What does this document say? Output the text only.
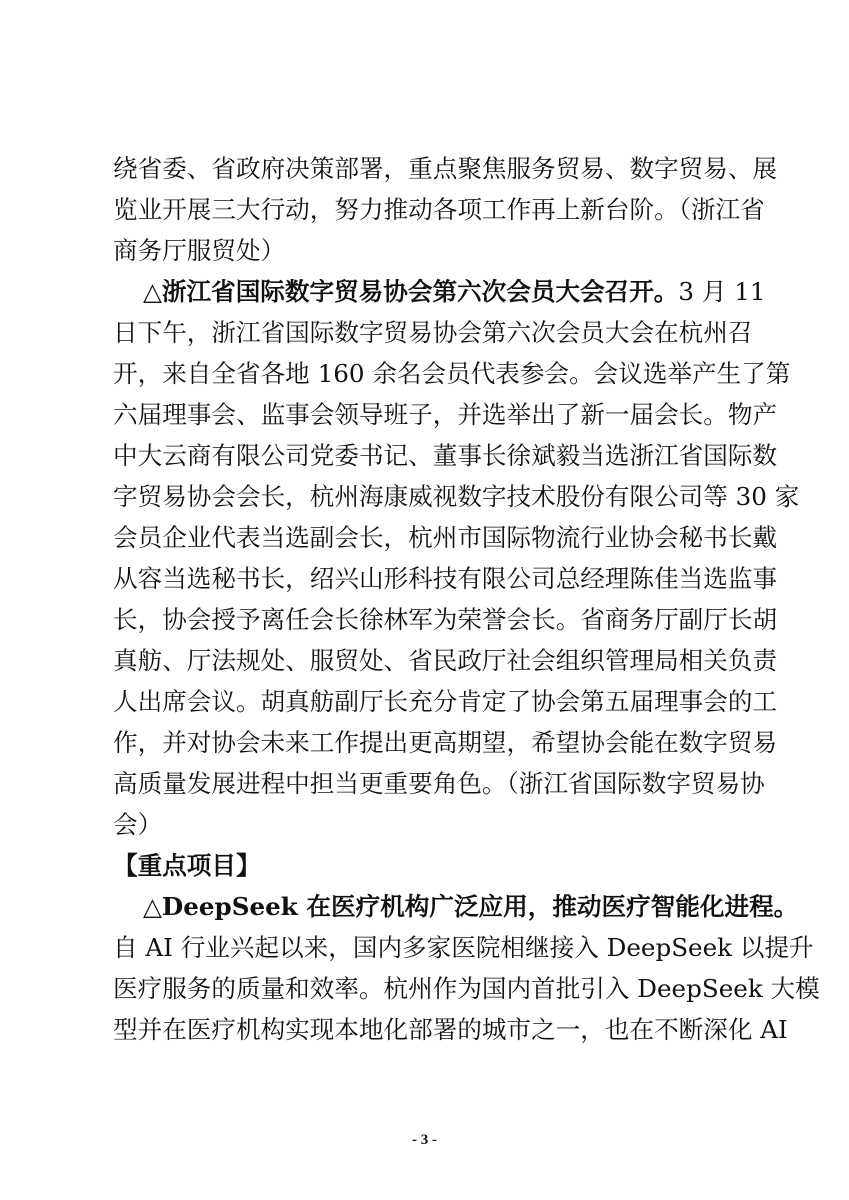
绕省委、省政府决策部署，重点聚焦服务贸易、数字贸易、展
览业开展三大行动，努力推动各项工作再上新台阶。（浙江省
商务厅服贸处）
△浙江省国际数字贸易协会第六次会员大会召开。3 月 11
日下午，浙江省国际数字贸易协会第六次会员大会在杭州召
开，来自全省各地 160 余名会员代表参会。会议选举产生了第
六届理事会、监事会领导班子，并选举出了新一届会长。物产
中大云商有限公司党委书记、董事长徐斌毅当选浙江省国际数
字贸易协会会长，杭州海康威视数字技术股份有限公司等 30 家
会员企业代表当选副会长，杭州市国际物流行业协会秘书长戴
从容当选秘书长，绍兴山形科技有限公司总经理陈佳当选监事
长，协会授予离任会长徐林军为荣誉会长。省商务厅副厅长胡
真舫、厅法规处、服贸处、省民政厅社会组织管理局相关负责
人出席会议。胡真舫副厅长充分肯定了协会第五届理事会的工
作，并对协会未来工作提出更高期望，希望协会能在数字贸易
高质量发展进程中担当更重要角色。（浙江省国际数字贸易协
会）
【重点项目】
△DeepSeek 在医疗机构广泛应用，推动医疗智能化进程。
自 AI 行业兴起以来，国内多家医院相继接入 DeepSeek 以提升
医疗服务的质量和效率。杭州作为国内首批引入 DeepSeek 大模
型并在医疗机构实现本地化部署的城市之一，也在不断深化 AI
- 3 -
